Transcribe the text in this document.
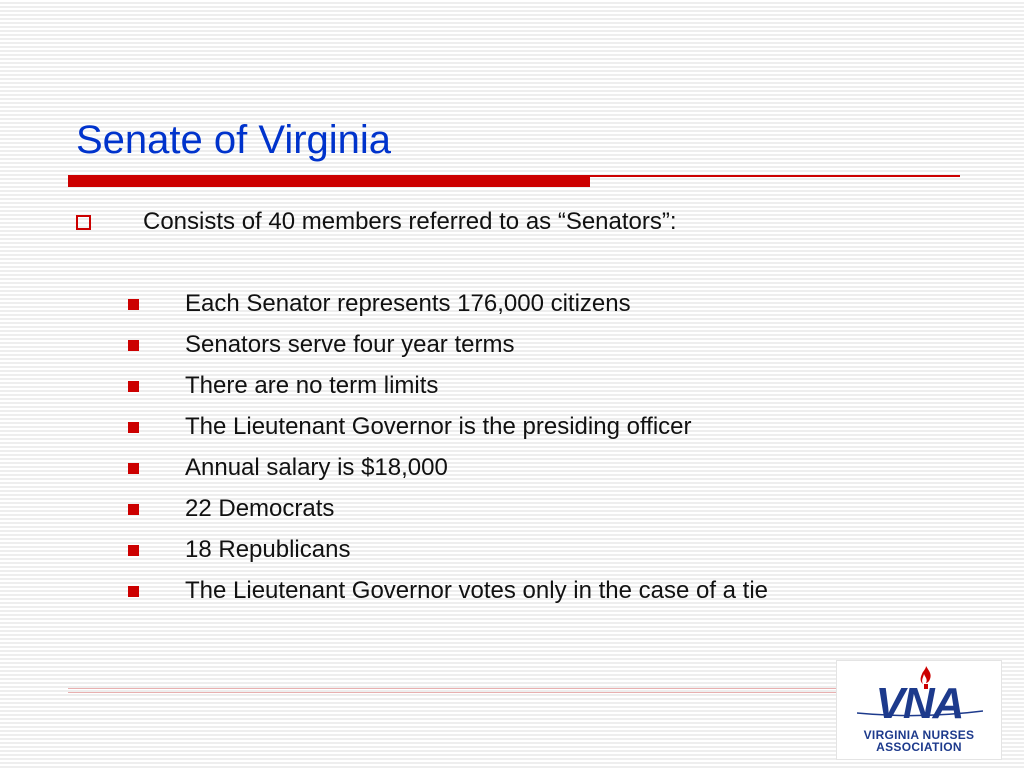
Senate of Virginia
Consists of 40 members referred to as “Senators”:
Each Senator represents 176,000 citizens
Senators serve four year terms
There are no term limits
The Lieutenant Governor is the presiding officer
Annual salary is $18,000
22 Democrats
18 Republicans
The Lieutenant Governor votes only in the case of a tie
VNA
VIRGINIA NURSES
ASSOCIATION
